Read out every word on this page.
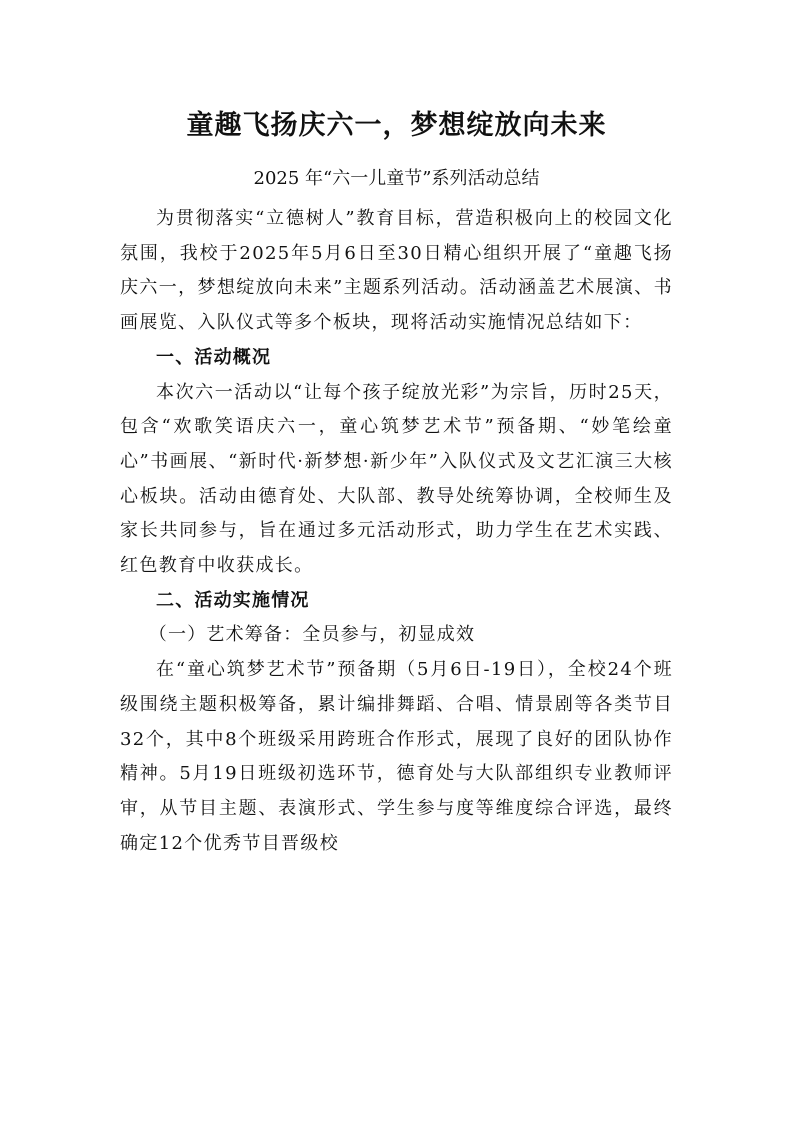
童趣飞扬庆六一，梦想绽放向未来

2025 年“六一儿童节”系列活动总结

为贯彻落实“立德树人”教育目标，营造积极向上的校园文化氛围，我校于2025年5月6日至30日精心组织开展了“童趣飞扬庆六一，梦想绽放向未来”主题系列活动。活动涵盖艺术展演、书画展览、入队仪式等多个板块，现将活动实施情况总结如下：

一、活动概况

本次六一活动以“让每个孩子绽放光彩”为宗旨，历时25天，包含“欢歌笑语庆六一，童心筑梦艺术节”预备期、“妙笔绘童心”书画展、“新时代·新梦想·新少年”入队仪式及文艺汇演三大核心板块。活动由德育处、大队部、教导处统筹协调，全校师生及家长共同参与，旨在通过多元活动形式，助力学生在艺术实践、红色教育中收获成长。

二、活动实施情况

（一）艺术筹备：全员参与，初显成效

在“童心筑梦艺术节”预备期（5月6日-19日），全校24个班级围绕主题积极筹备，累计编排舞蹈、合唱、情景剧等各类节目32个，其中8个班级采用跨班合作形式，展现了良好的团队协作精神。5月19日班级初选环节，德育处与大队部组织专业教师评审，从节目主题、表演形式、学生参与度等维度综合评选，最终确定12个优秀节目晋级校
